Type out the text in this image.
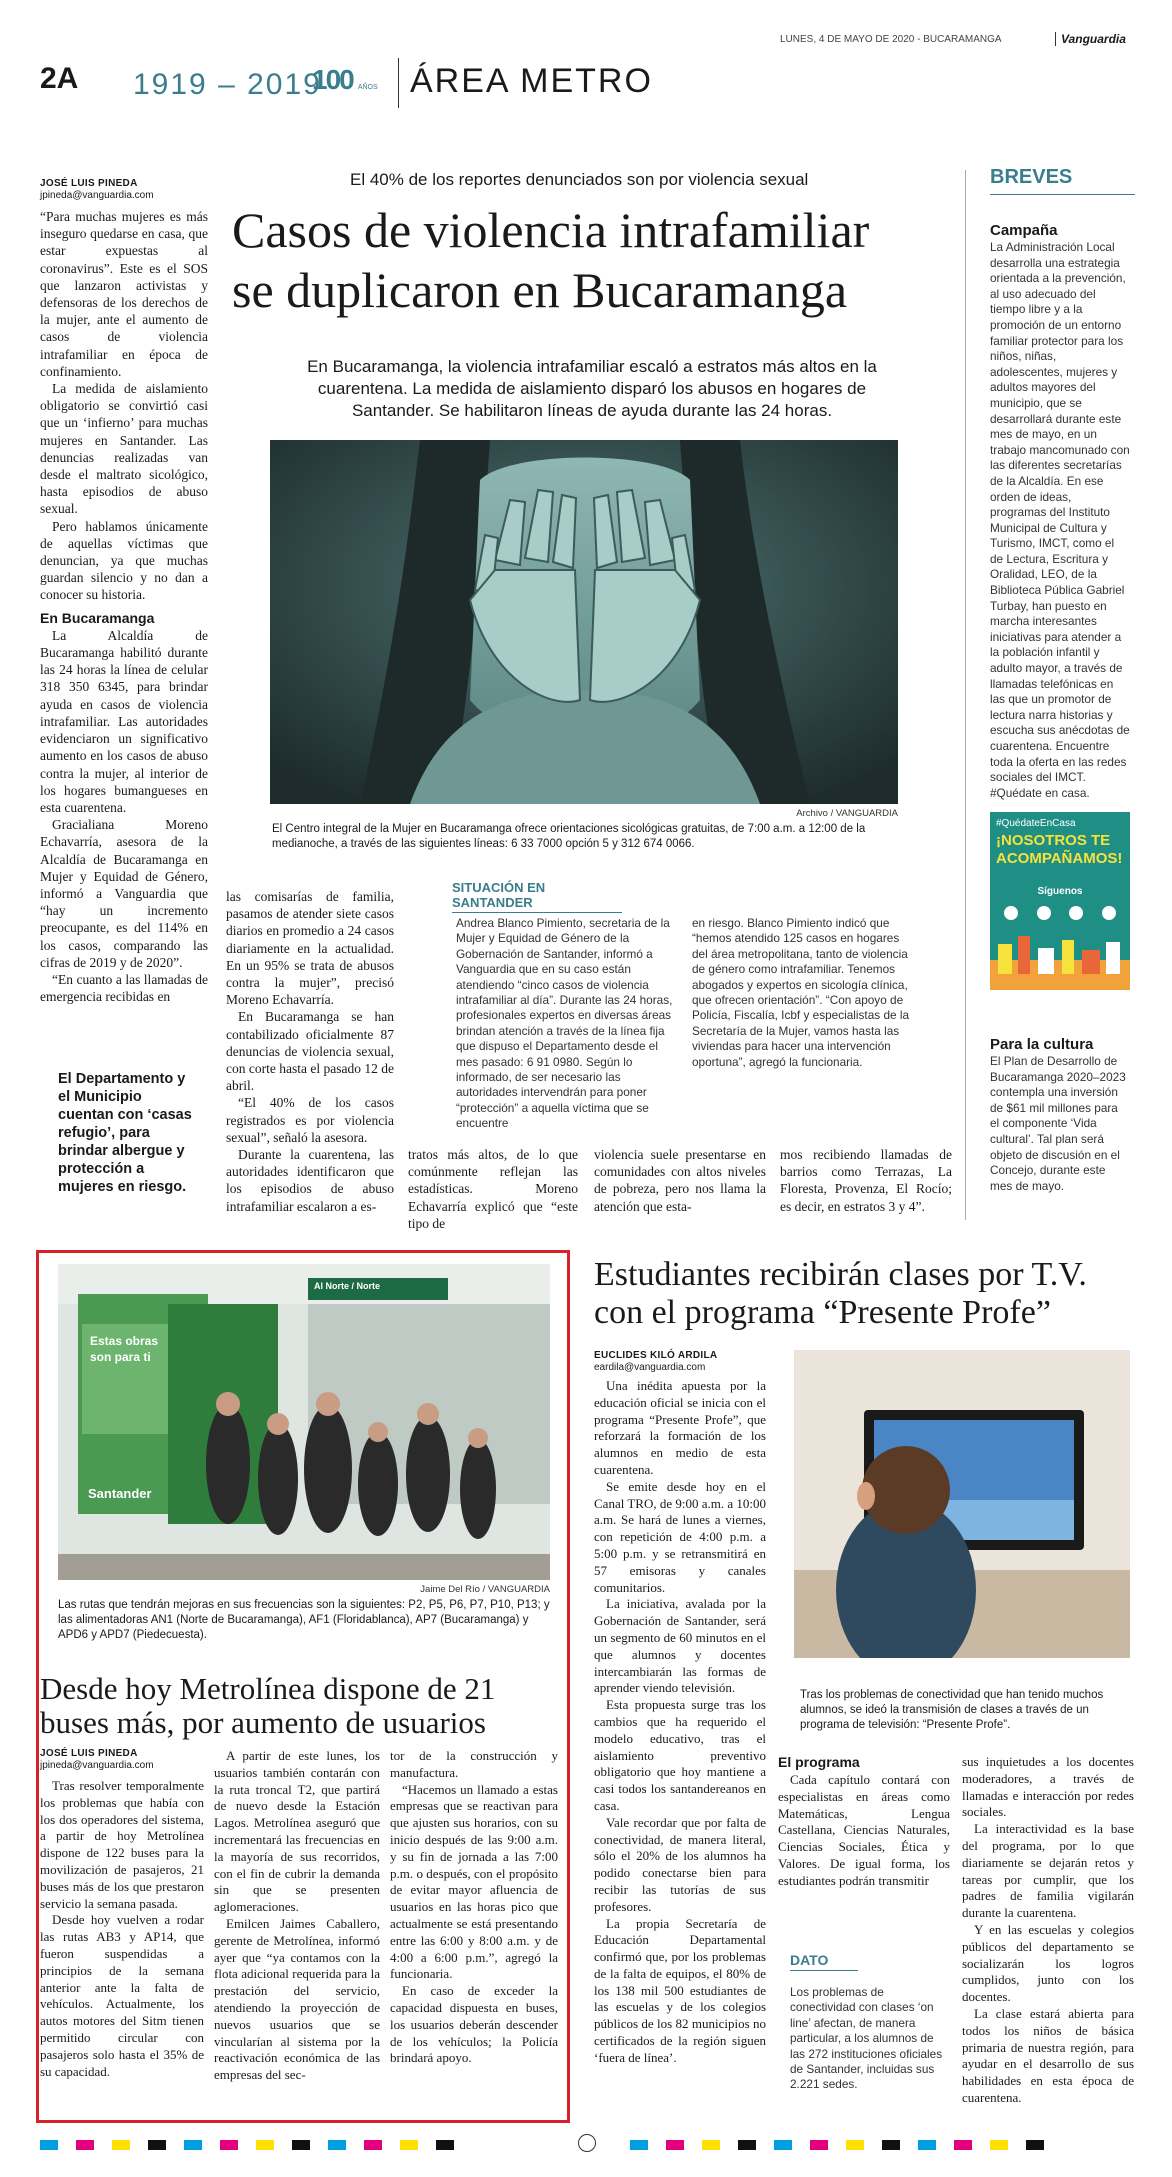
LUNES, 4 DE MAYO DE 2020 - BUCARAMANGA	Vanguardia
2A 1919 – 2019
100 AÑOS ÁREA METRO
JOSÉ LUIS PINEDA
jpineda@vanguardia.com
El 40% de los reportes denunciados son por violencia sexual
Casos de violencia intrafamiliar
se duplicaron en Bucaramanga
En Bucaramanga, la violencia intrafamiliar escaló a estratos más altos en la cuarentena. La medida de aislamiento disparó los abusos en hogares de Santander. Se habilitaron líneas de ayuda durante las 24 horas.
Archivo / VANGUARDIA
El Centro integral de la Mujer en Bucaramanga ofrece orientaciones sicológicas gratuitas, de 7:00 a.m. a 12:00 de la medianoche, a través de las siguientes líneas: 6 33 7000 opción 5 y 312 674 0066.

“Para muchas mujeres es más inseguro quedarse en casa, que estar expuestas al coronavirus”. Este es el SOS que lanzaron activistas y defensoras de los derechos de la mujer, ante el aumento de casos de violencia intrafamiliar en época de confinamiento.

La medida de aislamiento obligatorio se convirtió casi que un ‘infierno’ para muchas mujeres en Santander. Las denuncias realizadas van desde el maltrato sicológico, hasta episodios de abuso sexual.

Pero hablamos únicamente de aquellas víctimas que denuncian, ya que muchas guardan silencio y no dan a conocer su historia.

En Bucaramanga

La Alcaldía de Bucaramanga habilitó durante las 24 horas la línea de celular 318 350 6345, para brindar ayuda en casos de violencia intrafamiliar. Las autoridades evidenciaron un significativo aumento en los casos de abuso contra la mujer, al interior de los hogares bumangueses en esta cuarentena.

Gracialiana Moreno Echavarría, asesora de la Alcaldía de Bucaramanga en Mujer y Equidad de Género, informó a Vanguardia que “hay un incremento preocupante, es del 114% en los casos, comparando las cifras de 2019 y de 2020”.

“En cuanto a las llamadas de emergencia recibidas en

El Departamento y el Municipio cuentan con ‘casas refugio’, para brindar albergue y protección a mujeres en riesgo.

las comisarías de familia, pasamos de atender siete casos diarios en promedio a 24 casos diariamente en la actualidad. En un 95% se trata de abusos contra la mujer”, precisó Moreno Echavarría.

En Bucaramanga se han contabilizado oficialmente 87 denuncias de violencia sexual, con corte hasta el pasado 12 de abril.

“El 40% de los casos registrados es por violencia sexual”, señaló la asesora.

Durante la cuarentena, las autoridades identificaron que los episodios de abuso intrafamiliar escalaron a es-

SITUACIÓN EN SANTANDER
Andrea Blanco Pimiento, secretaria de la Mujer y Equidad de Género de la Gobernación de Santander, informó a Vanguardia que en su caso están atendiendo “cinco casos de violencia intrafamiliar al día”. Durante las 24 horas, profesionales expertos en diversas áreas brindan atención a través de la línea fija que dispuso el Departamento desde el mes pasado: 6 91 0980. Según lo informado, de ser necesario las autoridades intervendrán para poner “protección” a aquella víctima que se encuentre
en riesgo. Blanco Pimiento indicó que “hemos atendido 125 casos en hogares del área metropolitana, tanto de violencia de género como intrafamiliar. Tenemos abogados y expertos en sicología clínica, que ofrecen orientación”. “Con apoyo de Policía, Fiscalía, Icbf y especialistas de la Secretaría de la Mujer, vamos hasta las viviendas para hacer una intervención oportuna”, agregó la funcionaria.

tratos más altos, de lo que comúnmente reflejan las estadísticas. Moreno Echavarría explicó que “este tipo de

violencia suele presentarse en comunidades con altos niveles de pobreza, pero nos llama la atención que esta-

mos recibiendo llamadas de barrios como Terrazas, La Floresta, Provenza, El Rocío; es decir, en estratos 3 y 4”.

BREVES
Campaña
La Administración Local desarrolla una estrategia orientada a la prevención, al uso adecuado del tiempo libre y a la promoción de un entorno familiar protector para los niños, niñas, adolescentes, mujeres y adultos mayores del municipio, que se desarrollará durante este mes de mayo, en un trabajo mancomunado con las diferentes secretarías de la Alcaldía. En ese orden de ideas, programas del Instituto Municipal de Cultura y Turismo, IMCT, como el de Lectura, Escritura y Oralidad, LEO, de la Biblioteca Pública Gabriel Turbay, han puesto en marcha interesantes iniciativas para atender a la población infantil y adulto mayor, a través de llamadas telefónicas en las que un promotor de lectura narra historias y escucha sus anécdotas de cuarentena. Encuentre toda la oferta en las redes sociales del IMCT. #Quédate en casa.
#QuédateEnCasa
¡NOSOTROS TE
ACOMPAÑAMOS!
Síguenos
Para la cultura
El Plan de Desarrollo de Bucaramanga 2020–2023 contempla una inversión de $61 mil millones para el componente ‘Vida cultural’. Tal plan será objeto de discusión en el Concejo, durante este mes de mayo.
Al Norte / Norte
Estas obras
son para ti
Santander
Jaime Del Río / VANGUARDIA
Las rutas que tendrán mejoras en sus frecuencias son la siguientes: P2, P5, P6, P7, P10, P13; y las alimentadoras AN1 (Norte de Bucaramanga), AF1 (Floridablanca), AP7 (Bucaramanga) y APD6 y APD7 (Piedecuesta).
Desde hoy Metrolínea dispone de 21
buses más, por aumento de usuarios
JOSÉ LUIS PINEDA
jpineda@vanguardia.com

Tras resolver temporalmente los problemas que había con los dos operadores del sistema, a partir de hoy Metrolínea dispone de 122 buses para la movilización de pasajeros, 21 buses más de los que prestaron servicio la semana pasada.

Desde hoy vuelven a rodar las rutas AB3 y AP14, que fueron suspendidas a principios de la semana anterior ante la falta de vehículos. Actualmente, los autos motores del Sitm tienen permitido circular con pasajeros solo hasta el 35% de su capacidad.

A partir de este lunes, los usuarios también contarán con la ruta troncal T2, que partirá de nuevo desde la Estación Lagos. Metrolínea aseguró que incrementará las frecuencias en la mayoría de sus recorridos, con el fin de cubrir la demanda sin que se presenten aglomeraciones.

Emilcen Jaimes Caballero, gerente de Metrolínea, informó ayer que “ya contamos con la flota adicional requerida para la prestación del servicio, atendiendo la proyección de nuevos usuarios que se vincularían al sistema por la reactivación económica de las empresas del sec-

tor de la construcción y manufactura.

“Hacemos un llamado a estas empresas que se reactivan para que ajusten sus horarios, con su inicio después de las 9:00 a.m. y su fin de jornada a las 7:00 p.m. o después, con el propósito de evitar mayor afluencia de usuarios en las horas pico que actualmente se está presentando entre las 6:00 y 8:00 a.m. y de 4:00 a 6:00 p.m.”, agregó la funcionaria.

En caso de exceder la capacidad dispuesta en buses, los usuarios deberán descender de los vehículos; la Policía brindará apoyo.

Estudiantes recibirán clases por T.V.
con el programa “Presente Profe”
EUCLIDES KILÓ ARDILA
eardila@vanguardia.com

Una inédita apuesta por la educación oficial se inicia con el programa “Presente Profe”, que reforzará la formación de los alumnos en medio de esta cuarentena.

Se emite desde hoy en el Canal TRO, de 9:00 a.m. a 10:00 a.m. Se hará de lunes a viernes, con repetición de 4:00 p.m. a 5:00 p.m. y se retransmitirá en 57 emisoras y canales comunitarios.

La iniciativa, avalada por la Gobernación de Santander, será un segmento de 60 minutos en el que alumnos y docentes intercambiarán las formas de aprender viendo televisión.

Esta propuesta surge tras los cambios que ha requerido el modelo educativo, tras el aislamiento preventivo obligatorio que hoy mantiene a casi todos los santandereanos en casa.

Vale recordar que por falta de conectividad, de manera literal, sólo el 20% de los alumnos ha podido conectarse bien para recibir las tutorías de sus profesores.

La propia Secretaría de Educación Departamental confirmó que, por los problemas de la falta de equipos, el 80% de los 138 mil 500 estudiantes de las escuelas y de los colegios públicos de los 82 municipios no certificados de la región siguen ‘fuera de línea’.

Tras los problemas de conectividad que han tenido muchos alumnos, se ideó la transmisión de clases a través de un programa de televisión: “Presente Profe”.
El programa

Cada capítulo contará con especialistas en áreas como Matemáticas, Lengua Castellana, Ciencias Naturales, Ciencias Sociales, Ética y Valores. De igual forma, los estudiantes podrán transmitir

DATO
Los problemas de conectividad con clases ‘on line’ afectan, de manera particular, a los alumnos de las 272 instituciones oficiales de Santander, incluidas sus 2.221 sedes.

sus inquietudes a los docentes moderadores, a través de llamadas e interacción por redes sociales.

La interactividad es la base del programa, por lo que diariamente se dejarán retos y tareas por cumplir, que los padres de familia vigilarán durante la cuarentena.

Y en las escuelas y colegios públicos del departamento se socializarán los logros cumplidos, junto con los docentes.

La clase estará abierta para todos los niños de básica primaria de nuestra región, para ayudar en el desarrollo de sus habilidades en esta época de cuarentena.
